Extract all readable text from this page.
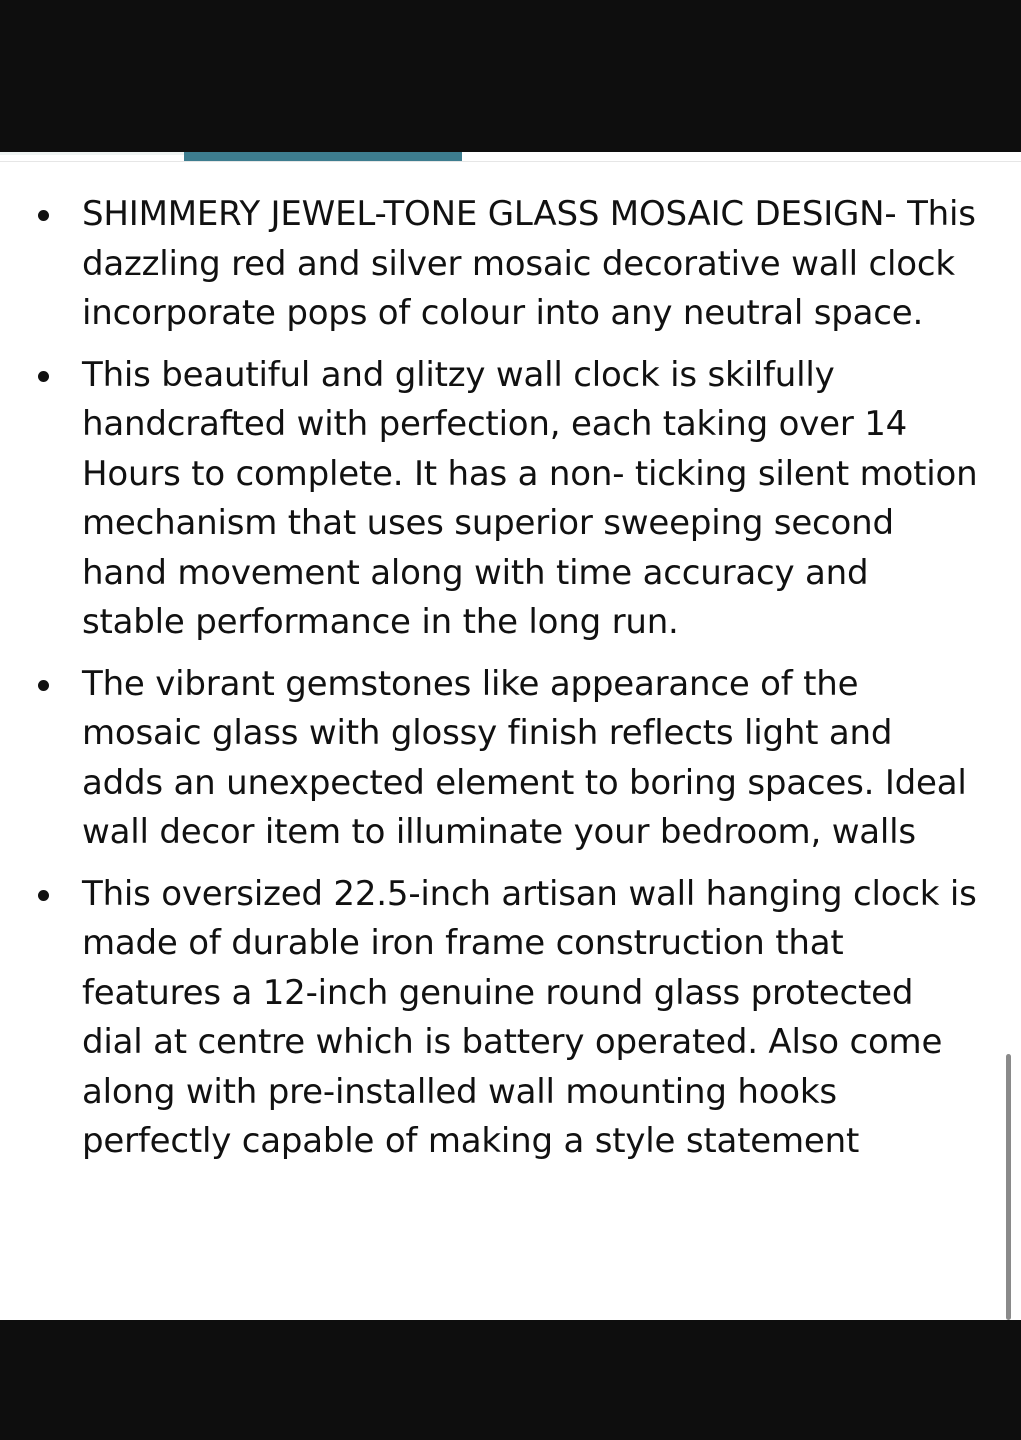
SHIMMERY JEWEL-TONE GLASS MOSAIC DESIGN- This dazzling red and silver mosaic decorative wall clock incorporate pops of colour into any neutral space.
This beautiful and glitzy wall clock is skilfully handcrafted with perfection, each taking over 14 Hours to complete. It has a non- ticking silent motion mechanism that uses superior sweeping second hand movement along with time accuracy and stable performance in the long run.
The vibrant gemstones like appearance of the mosaic glass with glossy finish reflects light and adds an unexpected element to boring spaces. Ideal wall decor item to illuminate your bedroom, walls
This oversized 22.5-inch artisan wall hanging clock is made of durable iron frame construction that features a 12-inch genuine round glass protected dial at centre which is battery operated. Also come along with pre-installed wall mounting hooks perfectly capable of making a style statement
